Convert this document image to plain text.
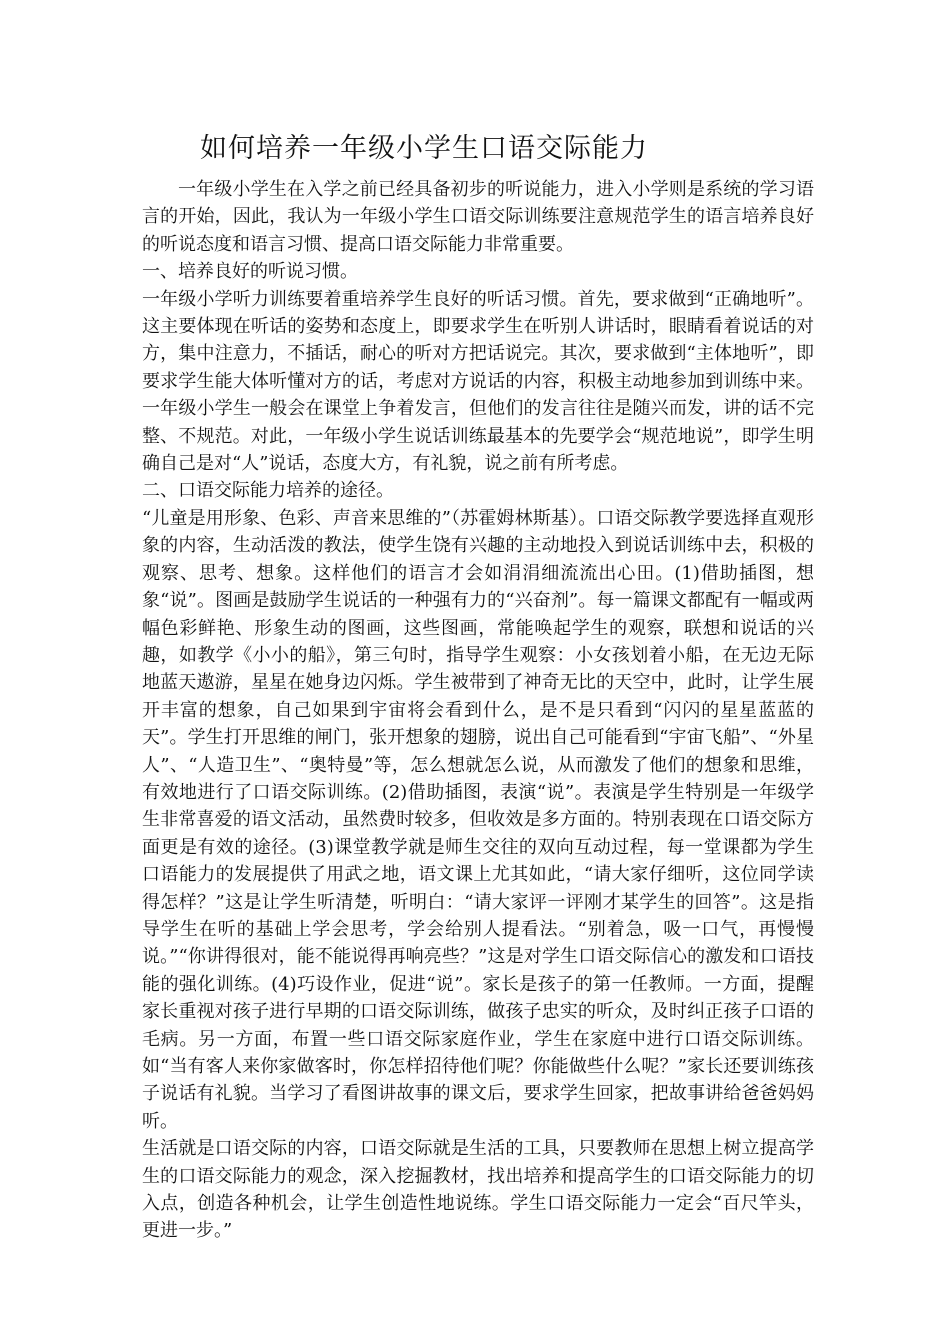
如何培养一年级小学生口语交际能力

一年级小学生在入学之前已经具备初步的听说能力，进入小学则是系统的学习语言的开始，因此，我认为一年级小学生口语交际训练要注意规范学生的语言培养良好的听说态度和语言习惯、提高口语交际能力非常重要。

一、培养良好的听说习惯。

一年级小学听力训练要着重培养学生良好的听话习惯。首先，要求做到“正确地听”。这主要体现在听话的姿势和态度上，即要求学生在听别人讲话时，眼睛看着说话的对方，集中注意力，不插话，耐心的听对方把话说完。其次，要求做到“主体地听”，即要求学生能大体听懂对方的话，考虑对方说话的内容，积极主动地参加到训练中来。一年级小学生一般会在课堂上争着发言，但他们的发言往往是随兴而发，讲的话不完整、不规范。对此，一年级小学生说话训练最基本的先要学会“规范地说”，即学生明确自己是对“人”说话，态度大方，有礼貌，说之前有所考虑。

二、口语交际能力培养的途径。

“儿童是用形象、色彩、声音来思维的”（苏霍姆林斯基）。口语交际教学要选择直观形象的内容，生动活泼的教法，使学生饶有兴趣的主动地投入到说话训练中去，积极的观察、思考、想象。这样他们的语言才会如涓涓细流流出心田。(1)借助插图，想象“说”。图画是鼓励学生说话的一种强有力的“兴奋剂”。每一篇课文都配有一幅或两幅色彩鲜艳、形象生动的图画，这些图画，常能唤起学生的观察，联想和说话的兴趣，如教学《小小的船》，第三句时，指导学生观察：小女孩划着小船，在无边无际地蓝天遨游，星星在她身边闪烁。学生被带到了神奇无比的天空中，此时，让学生展开丰富的想象，自己如果到宇宙将会看到什么，是不是只看到“闪闪的星星蓝蓝的天”。学生打开思维的闸门，张开想象的翅膀，说出自己可能看到“宇宙飞船”、“外星人”、“人造卫生”、“奥特曼”等，怎么想就怎么说，从而激发了他们的想象和思维，有效地进行了口语交际训练。(2)借助插图，表演“说”。表演是学生特别是一年级学生非常喜爱的语文活动，虽然费时较多，但收效是多方面的。特别表现在口语交际方面更是有效的途径。(3)课堂教学就是师生交往的双向互动过程，每一堂课都为学生口语能力的发展提供了用武之地，语文课上尤其如此，“请大家仔细听，这位同学读得怎样？”这是让学生听清楚，听明白：“请大家评一评刚才某学生的回答”。这是指导学生在听的基础上学会思考，学会给别人提看法。“别着急，吸一口气，再慢慢说。”“你讲得很对，能不能说得再响亮些？”这是对学生口语交际信心的激发和口语技能的强化训练。(4)巧设作业，促进“说”。家长是孩子的第一任教师。一方面，提醒家长重视对孩子进行早期的口语交际训练，做孩子忠实的听众，及时纠正孩子口语的毛病。另一方面，布置一些口语交际家庭作业，学生在家庭中进行口语交际训练。如“当有客人来你家做客时，你怎样招待他们呢？你能做些什么呢？”家长还要训练孩子说话有礼貌。当学习了看图讲故事的课文后，要求学生回家，把故事讲给爸爸妈妈听。

生活就是口语交际的内容，口语交际就是生活的工具，只要教师在思想上树立提高学生的口语交际能力的观念，深入挖掘教材，找出培养和提高学生的口语交际能力的切入点，创造各种机会，让学生创造性地说练。学生口语交际能力一定会“百尺竿头，更进一步。”
